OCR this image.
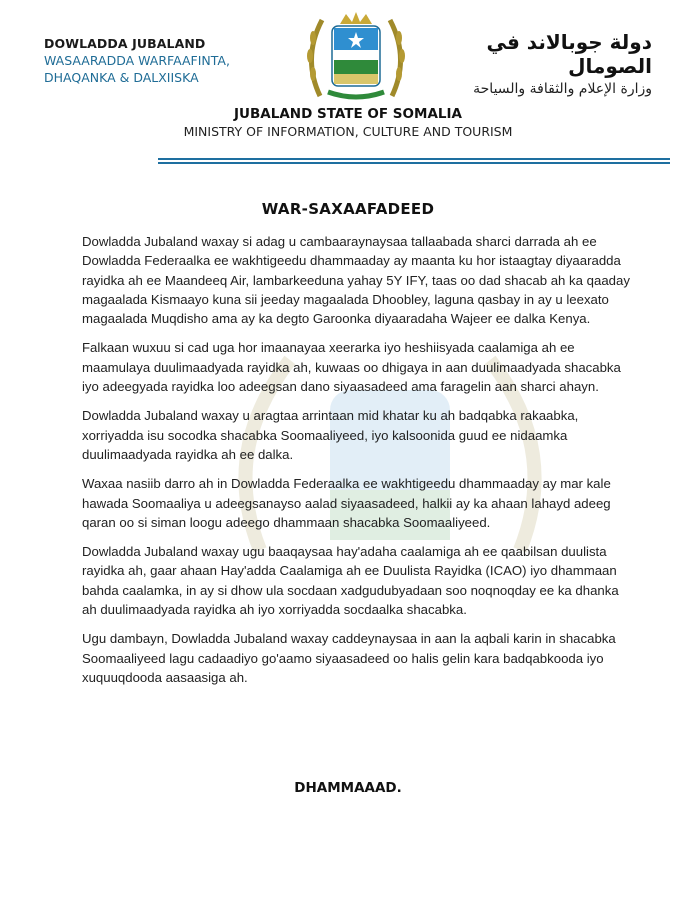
DOWLADDA JUBALAND
WASAARADDA WARFAAFINTA,
DHAQANKA & DALXIISKA
دولة جوبالاند في الصومال
وزارة الإعلام والثقافة والسياحة
JUBALAND STATE OF SOMALIA
MINISTRY OF INFORMATION, CULTURE AND TOURISM
WAR-SAXAAFADEED

Dowladda Jubaland waxay si adag u cambaaraynaysaa tallaabada sharci darrada ah ee Dowladda Federaalka ee wakhtigeedu dhammaaday ay maanta ku hor istaagtay diyaaradda rayidka ah ee Maandeeq Air, lambarkeeduna yahay 5Y IFY, taas oo dad shacab ah ka qaaday magaalada Kismaayo kuna sii jeeday magaalada Dhoobley, laguna qasbay in ay u leexato magaalada Muqdisho ama ay ka degto Garoonka diyaaradaha Wajeer ee dalka Kenya.

Falkaan wuxuu si cad uga hor imaanayaa xeerarka iyo heshiisyada caalamiga ah ee maamulaya duulimaadyada rayidka ah, kuwaas oo dhigaya in aan duulimaadyada shacabka iyo adeegyada rayidka loo adeegsan dano siyaasadeed ama faragelin aan sharci ahayn.

Dowladda Jubaland waxay u aragtaa arrintaan mid khatar ku ah badqabka rakaabka, xorriyadda isu socodka shacabka Soomaaliyeed, iyo kalsoonida guud ee nidaamka duulimaadyada rayidka ah ee dalka.

Waxaa nasiib darro ah in Dowladda Federaalka ee wakhtigeedu dhammaaday ay mar kale hawada Soomaaliya u adeegsanayso aalad siyaasadeed, halkii ay ka ahaan lahayd adeeg qaran oo si siman loogu adeego dhammaan shacabka Soomaaliyeed.

Dowladda Jubaland waxay ugu baaqaysaa hay'adaha caalamiga ah ee qaabilsan duulista rayidka ah, gaar ahaan Hay'adda Caalamiga ah ee Duulista Rayidka (ICAO) iyo dhammaan bahda caalamka, in ay si dhow ula socdaan xadgudubyadaan soo noqnoqday ee ka dhanka ah duulimaadyada rayidka ah iyo xorriyadda socdaalka shacabka.

Ugu dambayn, Dowladda Jubaland waxay caddeynaysaa in aan la aqbali karin in shacabka Soomaaliyeed lagu cadaadiyo go'aamo siyaasadeed oo halis gelin kara badqabkooda iyo xuquuqdooda aasaasiga ah.

DHAMMAAAD.
